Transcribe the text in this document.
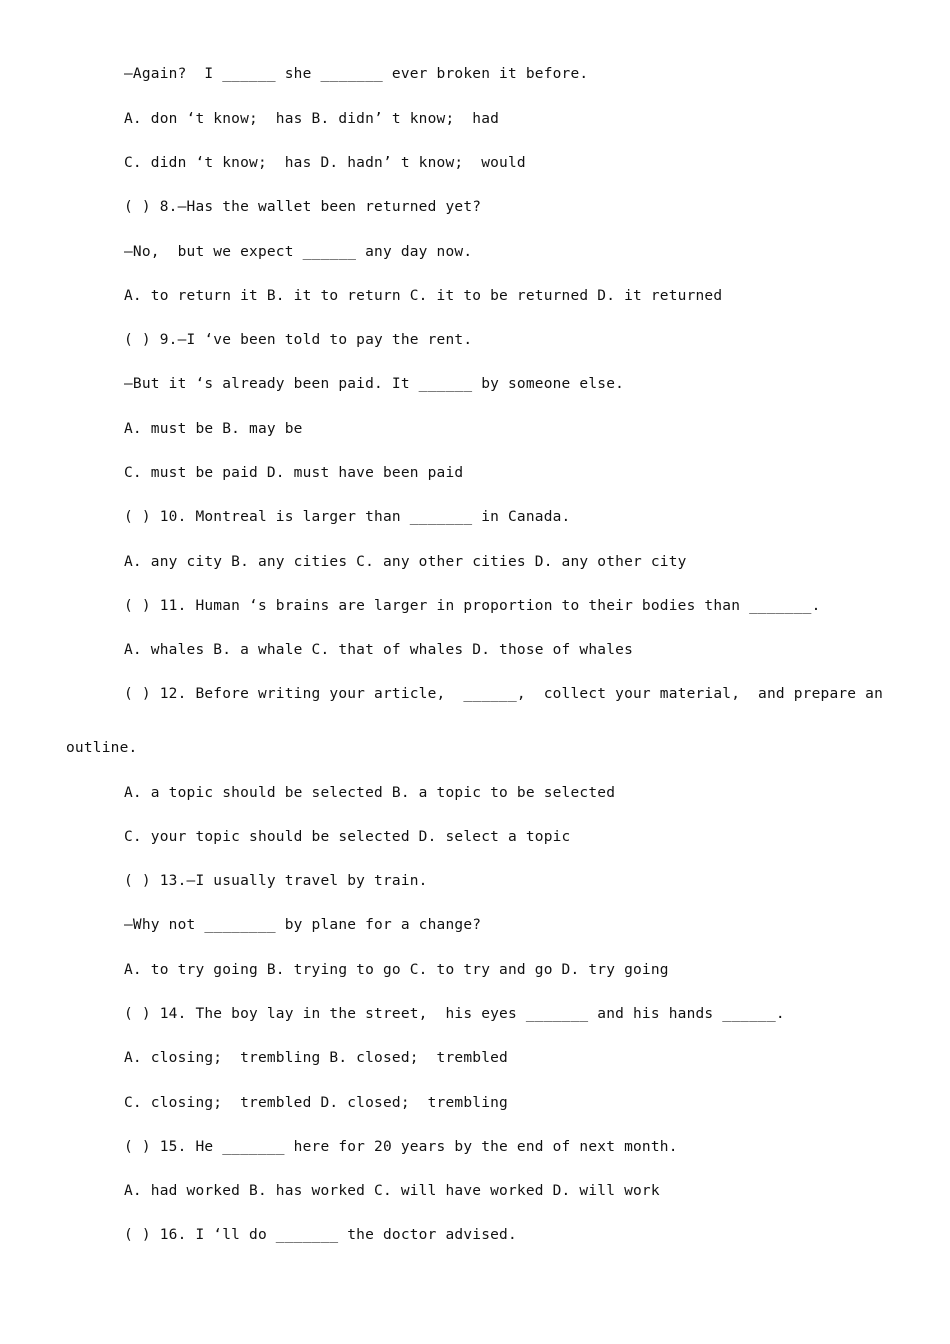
—Again?  I ______ she _______ ever broken it before.
A. don ‘t know;  has B. didn’ t know;  had
C. didn ‘t know;  has D. hadn’ t know;  would
( ) 8.—Has the wallet been returned yet?
—No,  but we expect ______ any day now.
A. to return it B. it to return C. it to be returned D. it returned
( ) 9.—I ‘ve been told to pay the rent.
—But it ‘s already been paid. It ______ by someone else.
A. must be B. may be
C. must be paid D. must have been paid
( ) 10. Montreal is larger than _______ in Canada.
A. any city B. any cities C. any other cities D. any other city
( ) 11. Human ‘s brains are larger in proportion to their bodies than _______.
A. whales B. a whale C. that of whales D. those of whales
( ) 12. Before writing your article,  ______,  collect your material,  and prepare an
outline.
A. a topic should be selected B. a topic to be selected
C. your topic should be selected D. select a topic
( ) 13.—I usually travel by train.
—Why not ________ by plane for a change?
A. to try going B. trying to go C. to try and go D. try going
( ) 14. The boy lay in the street,  his eyes _______ and his hands ______.
A. closing;  trembling B. closed;  trembled
C. closing;  trembled D. closed;  trembling
( ) 15. He _______ here for 20 years by the end of next month.
A. had worked B. has worked C. will have worked D. will work
( ) 16. I ‘ll do _______ the doctor advised.
